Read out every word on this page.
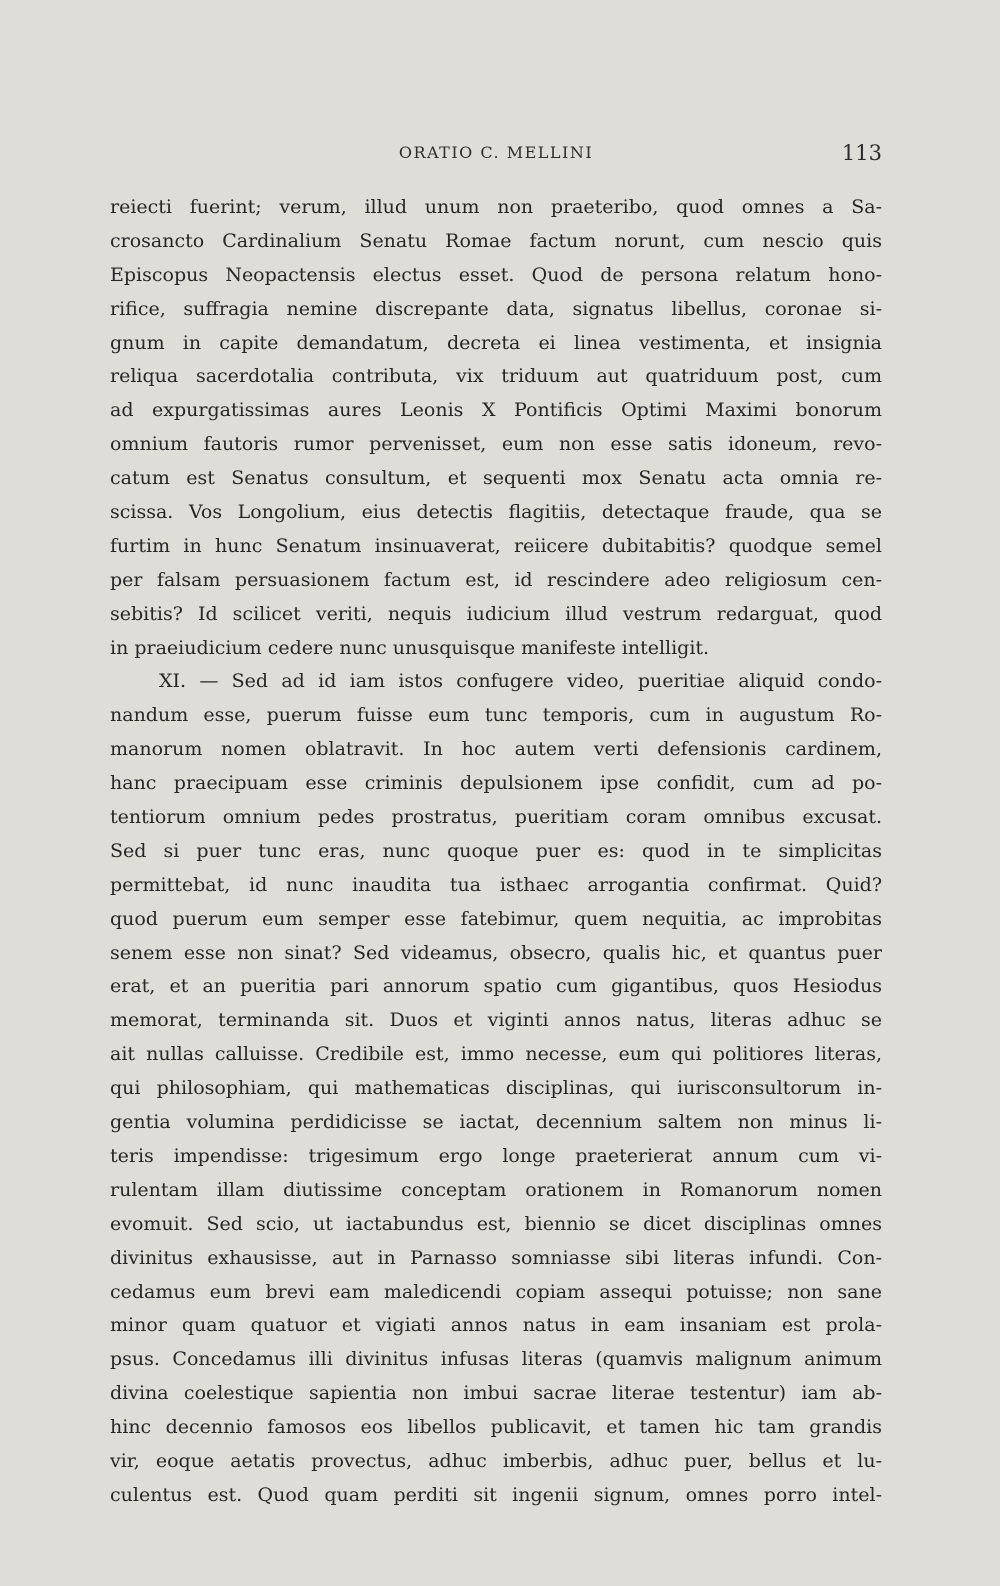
ORATIO C. MELLINI	113
reiecti fuerint; verum, illud unum non praeteribo, quod omnes a Sa-
crosancto Cardinalium Senatu Romae factum norunt, cum nescio quis
Episcopus Neopactensis electus esset. Quod de persona relatum hono-
rifice, suffragia nemine discrepante data, signatus libellus, coronae si-
gnum in capite demandatum, decreta ei linea vestimenta, et insignia
reliqua sacerdotalia contributa, vix triduum aut quatriduum post, cum
ad expurgatissimas aures Leonis X Pontificis Optimi Maximi bonorum
omnium fautoris rumor pervenisset, eum non esse satis idoneum, revo-
catum est Senatus consultum, et sequenti mox Senatu acta omnia re-
scissa. Vos Longolium, eius detectis flagitiis, detectaque fraude, qua se
furtim in hunc Senatum insinuaverat, reiicere dubitabitis? quodque semel
per falsam persuasionem factum est, id rescindere adeo religiosum cen-
sebitis? Id scilicet veriti, nequis iudicium illud vestrum redarguat, quod
in praeiudicium cedere nunc unusquisque manifeste intelligit.
XI. — Sed ad id iam istos confugere video, pueritiae aliquid condo-
nandum esse, puerum fuisse eum tunc temporis, cum in augustum Ro-
manorum nomen oblatravit. In hoc autem verti defensionis cardinem,
hanc praecipuam esse criminis depulsionem ipse confidit, cum ad po-
tentiorum omnium pedes prostratus, pueritiam coram omnibus excusat.
Sed si puer tunc eras, nunc quoque puer es: quod in te simplicitas
permittebat, id nunc inaudita tua isthaec arrogantia confirmat. Quid?
quod puerum eum semper esse fatebimur, quem nequitia, ac improbitas
senem esse non sinat? Sed videamus, obsecro, qualis hic, et quantus puer
erat, et an pueritia pari annorum spatio cum gigantibus, quos Hesiodus
memorat, terminanda sit. Duos et viginti annos natus, literas adhuc se
ait nullas calluisse. Credibile est, immo necesse, eum qui politiores literas,
qui philosophiam, qui mathematicas disciplinas, qui iurisconsultorum in-
gentia volumina perdidicisse se iactat, decennium saltem non minus li-
teris impendisse: trigesimum ergo longe praeterierat annum cum vi-
rulentam illam diutissime conceptam orationem in Romanorum nomen
evomuit. Sed scio, ut iactabundus est, biennio se dicet disciplinas omnes
divinitus exhausisse, aut in Parnasso somniasse sibi literas infundi. Con-
cedamus eum brevi eam maledicendi copiam assequi potuisse; non sane
minor quam quatuor et vigiati annos natus in eam insaniam est prola-
psus. Concedamus illi divinitus infusas literas (quamvis malignum animum
divina coelestique sapientia non imbui sacrae literae testentur) iam ab-
hinc decennio famosos eos libellos publicavit, et tamen hic tam grandis
vir, eoque aetatis provectus, adhuc imberbis, adhuc puer, bellus et lu-
culentus est. Quod quam perditi sit ingenii signum, omnes porro intel-
